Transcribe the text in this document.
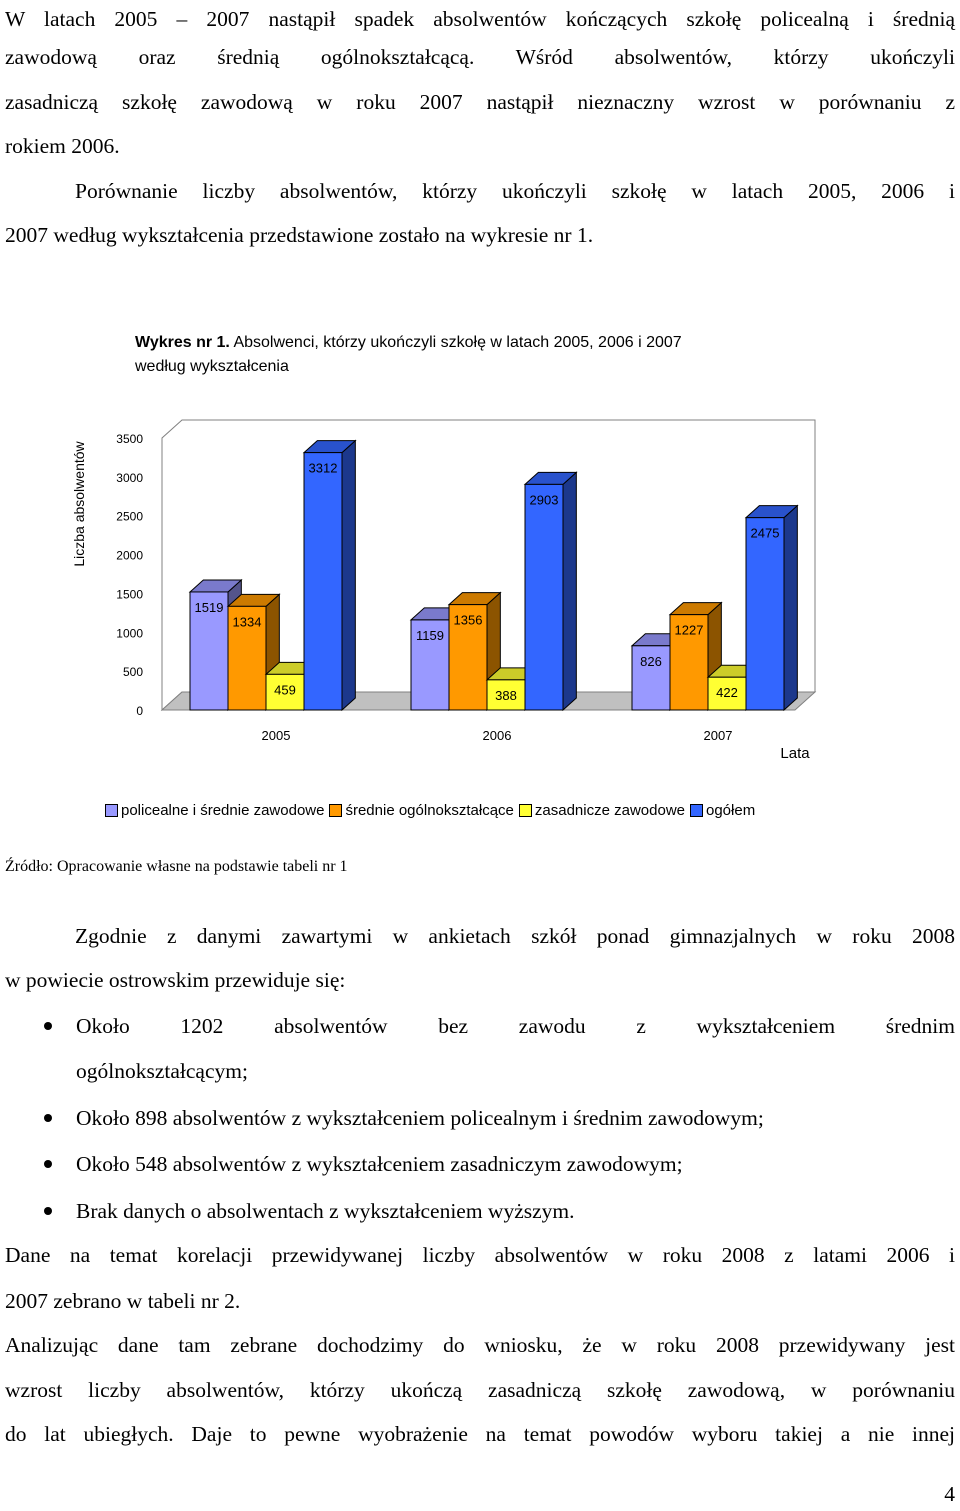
W latach 2005 – 2007 nastąpił spadek absolwentów kończących szkołę policealną i średnią
zawodową oraz średnią ogólnokształcącą. Wśród absolwentów, którzy ukończyli
zasadniczą szkołę zawodową w roku 2007 nastąpił nieznaczny wzrost w porównaniu z
rokiem 2006.
Porównanie liczby absolwentów, którzy ukończyli szkołę w latach 2005, 2006 i
2007 według wykształcenia przedstawione zostało na wykresie nr 1.
Wykres nr 1. Absolwenci, którzy ukończyli szkołę w latach 2005, 2006 i 2007
według wykształcenia
0
500
1000
1500
2000
2500
3000
3500
Liczba absolwentów
1519
1334
459
3312
1159
1356
388
2903
826
1227
422
2475
2005	2006	2007
Lata
policealne i średnie zawodowe średnie ogólnokształcące zasadnicze zawodowe ogółem
Źródło: Opracowanie własne na podstawie tabeli nr 1
Zgodnie z danymi zawartymi w ankietach szkół ponad gimnazjalnych w roku 2008
w powiecie ostrowskim przewiduje się:
Około 1202 absolwentów bez zawodu z wykształceniem średnim
ogólnokształcącym;
Około 898 absolwentów z wykształceniem policealnym i średnim zawodowym;
Około 548 absolwentów z wykształceniem zasadniczym zawodowym;
Brak danych o absolwentach z wykształceniem wyższym.
Dane na temat korelacji przewidywanej liczby absolwentów w roku 2008 z latami 2006 i
2007 zebrano w tabeli nr 2.
Analizując dane tam zebrane dochodzimy do wniosku, że w roku 2008 przewidywany jest
wzrost liczby absolwentów, którzy ukończą zasadniczą szkołę zawodową, w porównaniu
do lat ubiegłych. Daje to pewne wyobrażenie na temat powodów wyboru takiej a nie innej
4
